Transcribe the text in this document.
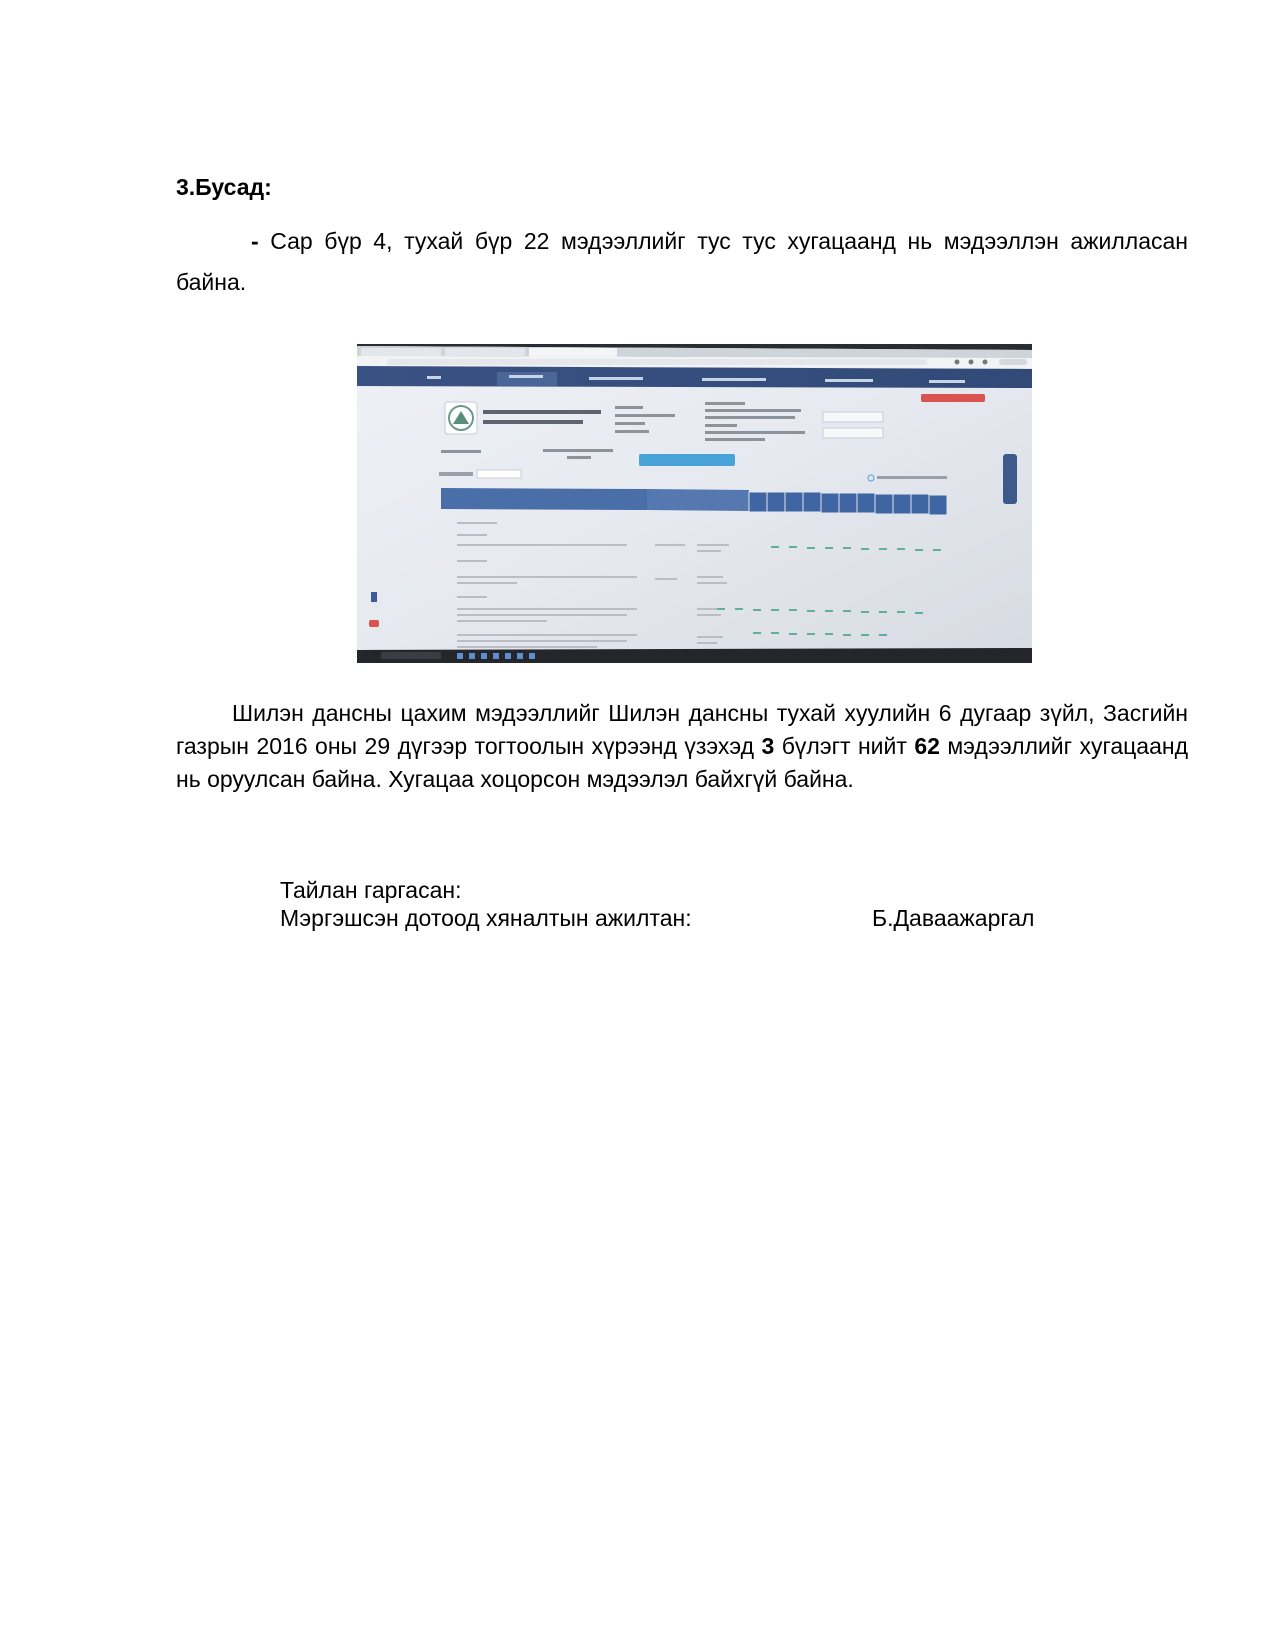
3.Бусад:
- Сар бүр 4, тухай бүр 22 мэдээллийг тус тус хугацаанд нь мэдээллэн ажилласан байна.
Шилэн дансны цахим мэдээллийг Шилэн дансны тухай хуулийн 6 дугаар зүйл, Засгийн газрын 2016 оны 29 дүгээр тогтоолын хүрээнд үзэхэд 3 бүлэгт нийт 62 мэдээллийг хугацаанд нь оруулсан байна. Хугацаа хоцорсон мэдээлэл байхгүй байна.
Тайлан гаргасан:
Мэргэшсэн дотоод хяналтын ажилтан:	Б.Даваажаргал
